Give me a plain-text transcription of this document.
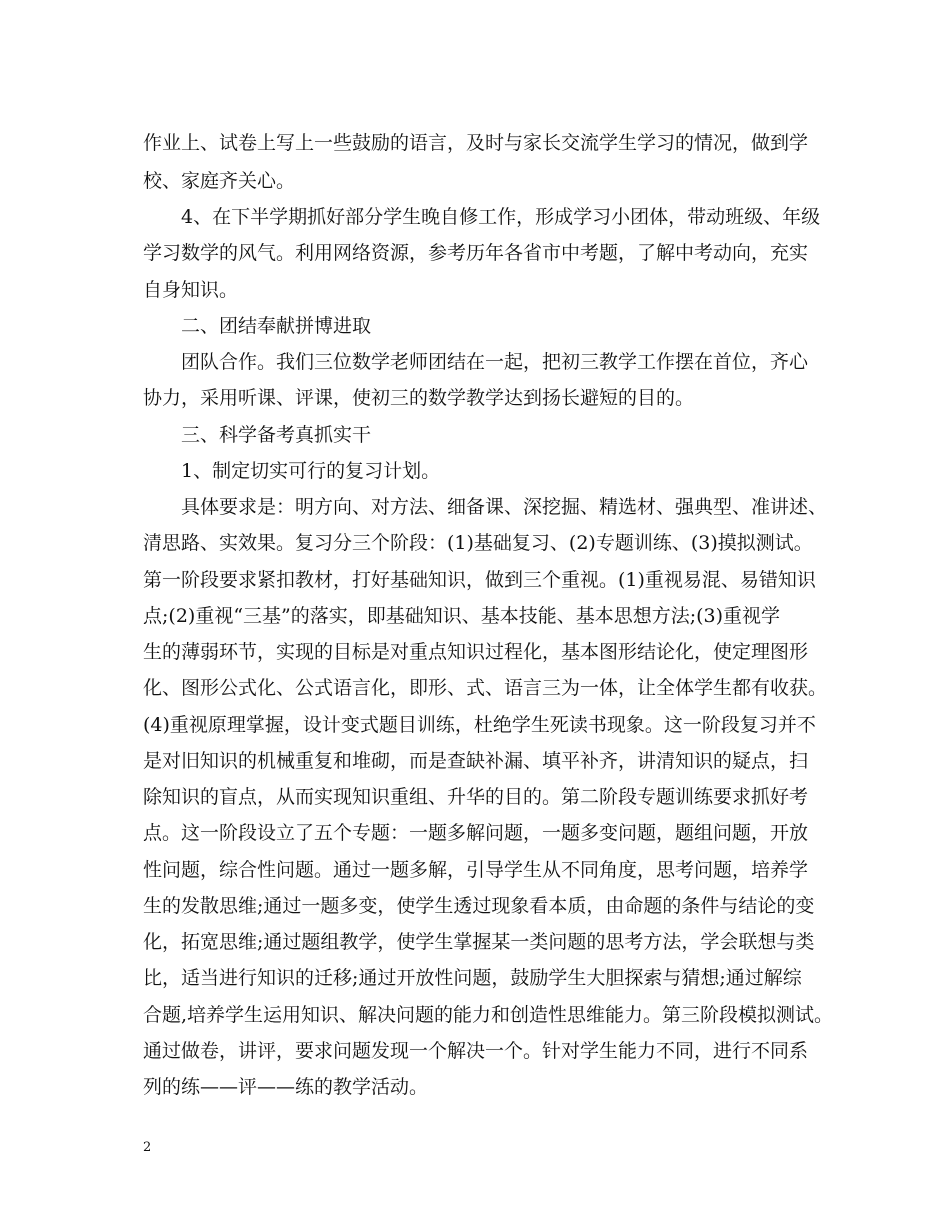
作业上、试卷上写上一些鼓励的语言，及时与家长交流学生学习的情况，做到学
校、家庭齐关心。
　　4、在下半学期抓好部分学生晚自修工作，形成学习小团体，带动班级、年级
学习数学的风气。利用网络资源，参考历年各省市中考题，了解中考动向，充实
自身知识。
　　二、团结奉献拼博进取
　　团队合作。我们三位数学老师团结在一起，把初三教学工作摆在首位，齐心
协力，采用听课、评课，使初三的数学教学达到扬长避短的目的。
　　三、科学备考真抓实干
　　1、制定切实可行的复习计划。
　　具体要求是：明方向、对方法、细备课、深挖掘、精选材、强典型、准讲述、
清思路、实效果。复习分三个阶段：(1)基础复习、(2)专题训练、(3)摸拟测试。
第一阶段要求紧扣教材，打好基础知识，做到三个重视。(1)重视易混、易错知识
点;(2)重视“三基”的落实，即基础知识、基本技能、基本思想方法;(3)重视学
生的薄弱环节，实现的目标是对重点知识过程化，基本图形结论化，使定理图形
化、图形公式化、公式语言化，即形、式、语言三为一体，让全体学生都有收获。
(4)重视原理掌握，设计变式题目训练，杜绝学生死读书现象。这一阶段复习并不
是对旧知识的机械重复和堆砌，而是查缺补漏、填平补齐，讲清知识的疑点，扫
除知识的盲点，从而实现知识重组、升华的目的。第二阶段专题训练要求抓好考
点。这一阶段设立了五个专题：一题多解问题，一题多变问题，题组问题，开放
性问题，综合性问题。通过一题多解，引导学生从不同角度，思考问题，培养学
生的发散思维;通过一题多变，使学生透过现象看本质，由命题的条件与结论的变
化，拓宽思维;通过题组教学，使学生掌握某一类问题的思考方法，学会联想与类
比，适当进行知识的迁移;通过开放性问题，鼓励学生大胆探索与猜想;通过解综
合题,培养学生运用知识、解决问题的能力和创造性思维能力。第三阶段模拟测试。
通过做卷，讲评，要求问题发现一个解决一个。针对学生能力不同，进行不同系
列的练——评——练的教学活动。
2
